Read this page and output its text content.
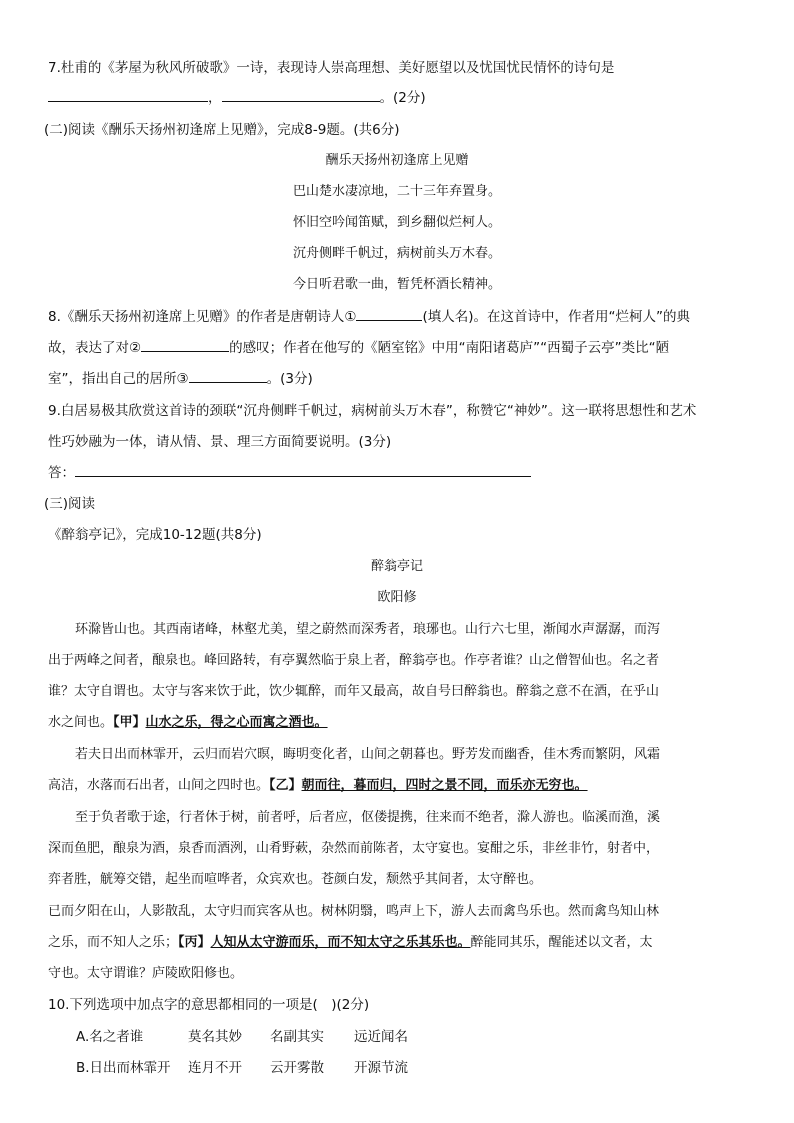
7.杜甫的《茅屋为秋风所破歌》一诗，表现诗人崇高理想、美好愿望以及忧国忧民情怀的诗句是
，	。(2分)
(二)阅读《酬乐天扬州初逢席上见赠》，完成8-9题。(共6分)
酬乐天扬州初逢席上见赠
巴山楚水凄凉地，二十三年弃置身。
怀旧空吟闻笛赋，到乡翻似烂柯人。
沉舟侧畔千帆过，病树前头万木春。
今日听君歌一曲，暂凭杯酒长精神。
8.《酬乐天扬州初逢席上见赠》的作者是唐朝诗人①	(填人名)。在这首诗中，作者用“烂柯人”的典
故，表达了对②	的感叹；作者在他写的《陋室铭》中用“南阳诸葛庐”“西蜀子云亭”类比“陋
室”，指出自己的居所③	。(3分)
9.白居易极其欣赏这首诗的颈联“沉舟侧畔千帆过，病树前头万木春”，称赞它“神妙”。这一联将思想性和艺术
性巧妙融为一体，请从情、景、理三方面简要说明。(3分)
答：
(三)阅读
《醉翁亭记》，完成10-12题(共8分)
醉翁亭记
欧阳修
　环滁皆山也。其西南诸峰，林壑尤美，望之蔚然而深秀者，琅琊也。山行六七里，渐闻水声潺潺，而泻
出于两峰之间者，酿泉也。峰回路转，有亭翼然临于泉上者，醉翁亭也。作亭者谁？山之僧智仙也。名之者
谁？太守自谓也。太守与客来饮于此，饮少辄醉，而年又最高，故自号曰醉翁也。醉翁之意不在酒，在乎山
水之间也。【甲】山水之乐，得之心而寓之酒也。
　若夫日出而林霏开，云归而岩穴暝，晦明变化者，山间之朝暮也。野芳发而幽香，佳木秀而繁阴，风霜
高洁，水落而石出者，山间之四时也。【乙】朝而往，暮而归，四时之景不同，而乐亦无穷也。
　至于负者歌于途，行者休于树，前者呼，后者应，伛偻提携，往来而不绝者，滁人游也。临溪而渔，溪
深而鱼肥，酿泉为酒，泉香而酒洌，山肴野蔌，杂然而前陈者，太守宴也。宴酣之乐，非丝非竹，射者中，
弈者胜，觥筹交错，起坐而喧哗者，众宾欢也。苍颜白发，颓然乎其间者，太守醉也。
已而夕阳在山，人影散乱，太守归而宾客从也。树林阴翳，鸣声上下，游人去而禽鸟乐也。然而禽鸟知山林
之乐，而不知人之乐；【丙】人知从太守游而乐，而不知太守之乐其乐也。醉能同其乐，醒能述以文者，太
守也。太守谓谁？庐陵欧阳修也。
10.下列选项中加点字的意思都相同的一项是(　)(2分)
A.名之者谁	莫名其妙 名副其实 远近闻名
B.日出而林霏开 连月不开 云开雾散 开源节流
